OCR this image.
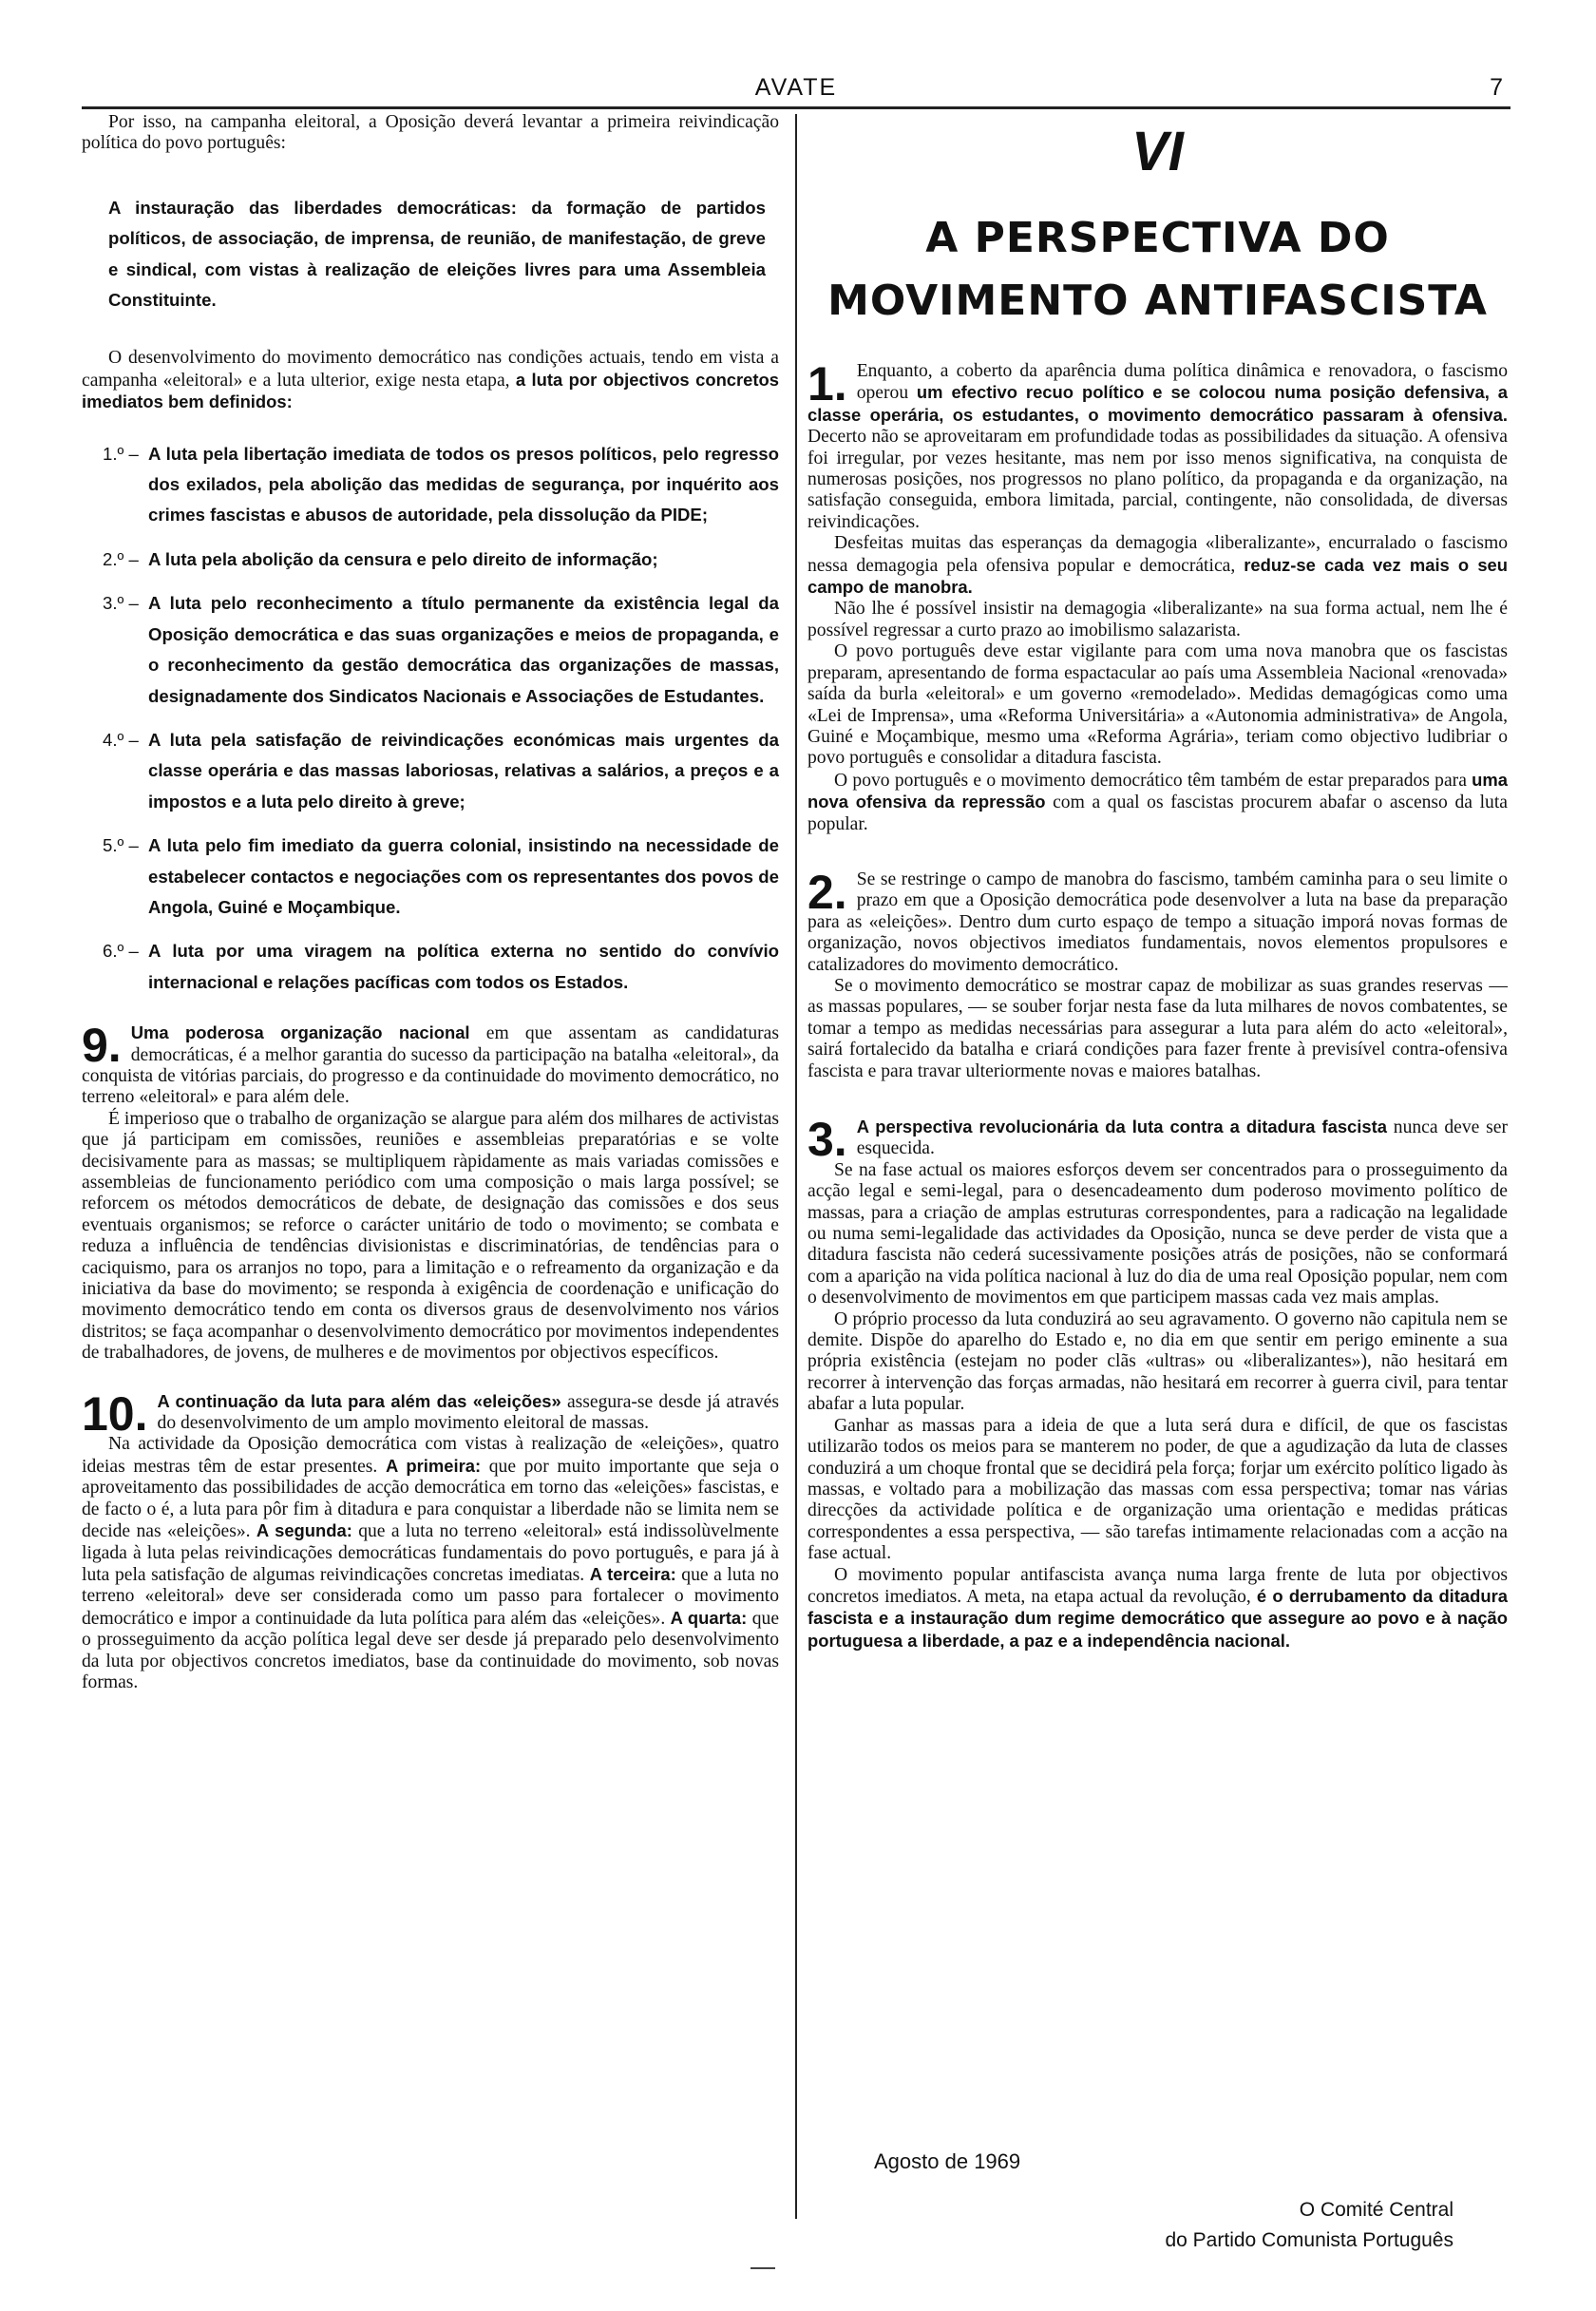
AVATE	7

Por isso, na campanha eleitoral, a Oposição deverá levantar a primeira reivindicação política do povo português:

A instauração das liberdades democráticas: da formação de partidos políticos, de associação, de imprensa, de reunião, de manifestação, de greve e sindical, com vistas à realização de eleições livres para uma Assembleia Constituinte.

O desenvolvimento do movimento democrático nas condições actuais, tendo em vista a campanha «eleitoral» e a luta ulterior, exige nesta etapa, a luta por objectivos concretos imediatos bem definidos:

1.º – A luta pela libertação imediata de todos os presos políticos, pelo regresso dos exilados, pela abolição das medidas de segurança, por inquérito aos crimes fascistas e abusos de autoridade, pela dissolução da PIDE;
2.º – A luta pela abolição da censura e pelo direito de informação;
3.º – A luta pelo reconhecimento a título permanente da existência legal da Oposição democrática e das suas organizações e meios de propaganda, e o reconhecimento da gestão democrática das organizações de massas, designadamente dos Sindicatos Nacionais e Associações de Estudantes.
4.º – A luta pela satisfação de reivindicações económicas mais urgentes da classe operária e das massas laboriosas, relativas a salários, a preços e a impostos e a luta pelo direito à greve;
5.º – A luta pelo fim imediato da guerra colonial, insistindo na necessidade de estabelecer contactos e negociações com os representantes dos povos de Angola, Guiné e Moçambique.
6.º – A luta por uma viragem na política externa no sentido do convívio internacional e relações pacíficas com todos os Estados.

9. Uma poderosa organização nacional em que assentam as candidaturas democráticas, é a melhor garantia do sucesso da participação na batalha «eleitoral», da conquista de vitórias parciais, do progresso e da continuidade do movimento democrático, no terreno «eleitoral» e para além dele.

É imperioso que o trabalho de organização se alargue para além dos milhares de activistas que já participam em comissões, reuniões e assembleias preparatórias e se volte decisivamente para as massas; se multipliquem ràpidamente as mais variadas comissões e assembleias de funcionamento periódico com uma composição o mais larga possível; se reforcem os métodos democráticos de debate, de designação das comissões e dos seus eventuais organismos; se reforce o carácter unitário de todo o movimento; se combata e reduza a influência de tendências divisionistas e discriminatórias, de tendências para o caciquismo, para os arranjos no topo, para a limitação e o refreamento da organização e da iniciativa da base do movimento; se responda à exigência de coordenação e unificação do movimento democrático tendo em conta os diversos graus de desenvolvimento nos vários distritos; se faça acompanhar o desenvolvimento democrático por movimentos independentes de trabalhadores, de jovens, de mulheres e de movimentos por objectivos específicos.

10. A continuação da luta para além das «eleições» assegura-se desde já através do desenvolvimento de um amplo movimento eleitoral de massas.

Na actividade da Oposição democrática com vistas à realização de «eleições», quatro ideias mestras têm de estar presentes. A primeira: que por muito importante que seja o aproveitamento das possibilidades de acção democrática em torno das «eleições» fascistas, e de facto o é, a luta para pôr fim à ditadura e para conquistar a liberdade não se limita nem se decide nas «eleições». A segunda: que a luta no terreno «eleitoral» está indissolùvelmente ligada à luta pelas reivindicações democráticas fundamentais do povo português, e para já à luta pela satisfação de algumas reivindicações concretas imediatas. A terceira: que a luta no terreno «eleitoral» deve ser considerada como um passo para fortalecer o movimento democrático e impor a continuidade da luta política para além das «eleições». A quarta: que o prosseguimento da acção política legal deve ser desde já preparado pelo desenvolvimento da luta por objectivos concretos imediatos, base da continuidade do movimento, sob novas formas.

VI
A PERSPECTIVA DO MOVIMENTO ANTIFASCISTA

1. Enquanto, a coberto da aparência duma política dinâmica e renovadora, o fascismo operou um efectivo recuo político e se colocou numa posição defensiva, a classe operária, os estudantes, o movimento democrático passaram à ofensiva. Decerto não se aproveitaram em profundidade todas as possibilidades da situação. A ofensiva foi irregular, por vezes hesitante, mas nem por isso menos significativa, na conquista de numerosas posições, nos progressos no plano político, da propaganda e da organização, na satisfação conseguida, embora limitada, parcial, contingente, não consolidada, de diversas reivindicações.

Desfeitas muitas das esperanças da demagogia «liberalizante», encurralado o fascismo nessa demagogia pela ofensiva popular e democrática, reduz-se cada vez mais o seu campo de manobra.

Não lhe é possível insistir na demagogia «liberalizante» na sua forma actual, nem lhe é possível regressar a curto prazo ao imobilismo salazarista.

O povo português deve estar vigilante para com uma nova manobra que os fascistas preparam, apresentando de forma espactacular ao país uma Assembleia Nacional «renovada» saída da burla «eleitoral» e um governo «remodelado». Medidas demagógicas como uma «Lei de Imprensa», uma «Reforma Universitária» a «Autonomia administrativa» de Angola, Guiné e Moçambique, mesmo uma «Reforma Agrária», teriam como objectivo ludibriar o povo português e consolidar a ditadura fascista.

O povo português e o movimento democrático têm também de estar preparados para uma nova ofensiva da repressão com a qual os fascistas procurem abafar o ascenso da luta popular.

2. Se se restringe o campo de manobra do fascismo, também caminha para o seu limite o prazo em que a Oposição democrática pode desenvolver a luta na base da preparação para as «eleições». Dentro dum curto espaço de tempo a situação imporá novas formas de organização, novos objectivos imediatos fundamentais, novos elementos propulsores e catalizadores do movimento democrático.

Se o movimento democrático se mostrar capaz de mobilizar as suas grandes reservas — as massas populares, — se souber forjar nesta fase da luta milhares de novos combatentes, se tomar a tempo as medidas necessárias para assegurar a luta para além do acto «eleitoral», sairá fortalecido da batalha e criará condições para fazer frente à previsível contra-ofensiva fascista e para travar ulteriormente novas e maiores batalhas.

3. A perspectiva revolucionária da luta contra a ditadura fascista nunca deve ser esquecida.

Se na fase actual os maiores esforços devem ser concentrados para o prosseguimento da acção legal e semi-legal, para o desencadeamento dum poderoso movimento político de massas, para a criação de amplas estruturas correspondentes, para a radicação na legalidade ou numa semi-legalidade das actividades da Oposição, nunca se deve perder de vista que a ditadura fascista não cederá sucessivamente posições atrás de posições, não se conformará com a aparição na vida política nacional à luz do dia de uma real Oposição popular, nem com o desenvolvimento de movimentos em que participem massas cada vez mais amplas.

O próprio processo da luta conduzirá ao seu agravamento. O governo não capitula nem se demite. Dispõe do aparelho do Estado e, no dia em que sentir em perigo eminente a sua própria existência (estejam no poder clãs «ultras» ou «liberalizantes»), não hesitará em recorrer à intervenção das forças armadas, não hesitará em recorrer à guerra civil, para tentar abafar a luta popular.

Ganhar as massas para a ideia de que a luta será dura e difícil, de que os fascistas utilizarão todos os meios para se manterem no poder, de que a agudização da luta de classes conduzirá a um choque frontal que se decidirá pela força; forjar um exército político ligado às massas, e voltado para a mobilização das massas com essa perspectiva; tomar nas várias direcções da actividade política e de organização uma orientação e medidas práticas correspondentes a essa perspectiva, — são tarefas intimamente relacionadas com a acção na fase actual.

O movimento popular antifascista avança numa larga frente de luta por objectivos concretos imediatos. A meta, na etapa actual da revolução, é o derrubamento da ditadura fascista e a instauração dum regime democrático que assegure ao povo e à nação portuguesa a liberdade, a paz e a independência nacional.

Agosto de 1969
O Comité Central
do Partido Comunista Português
